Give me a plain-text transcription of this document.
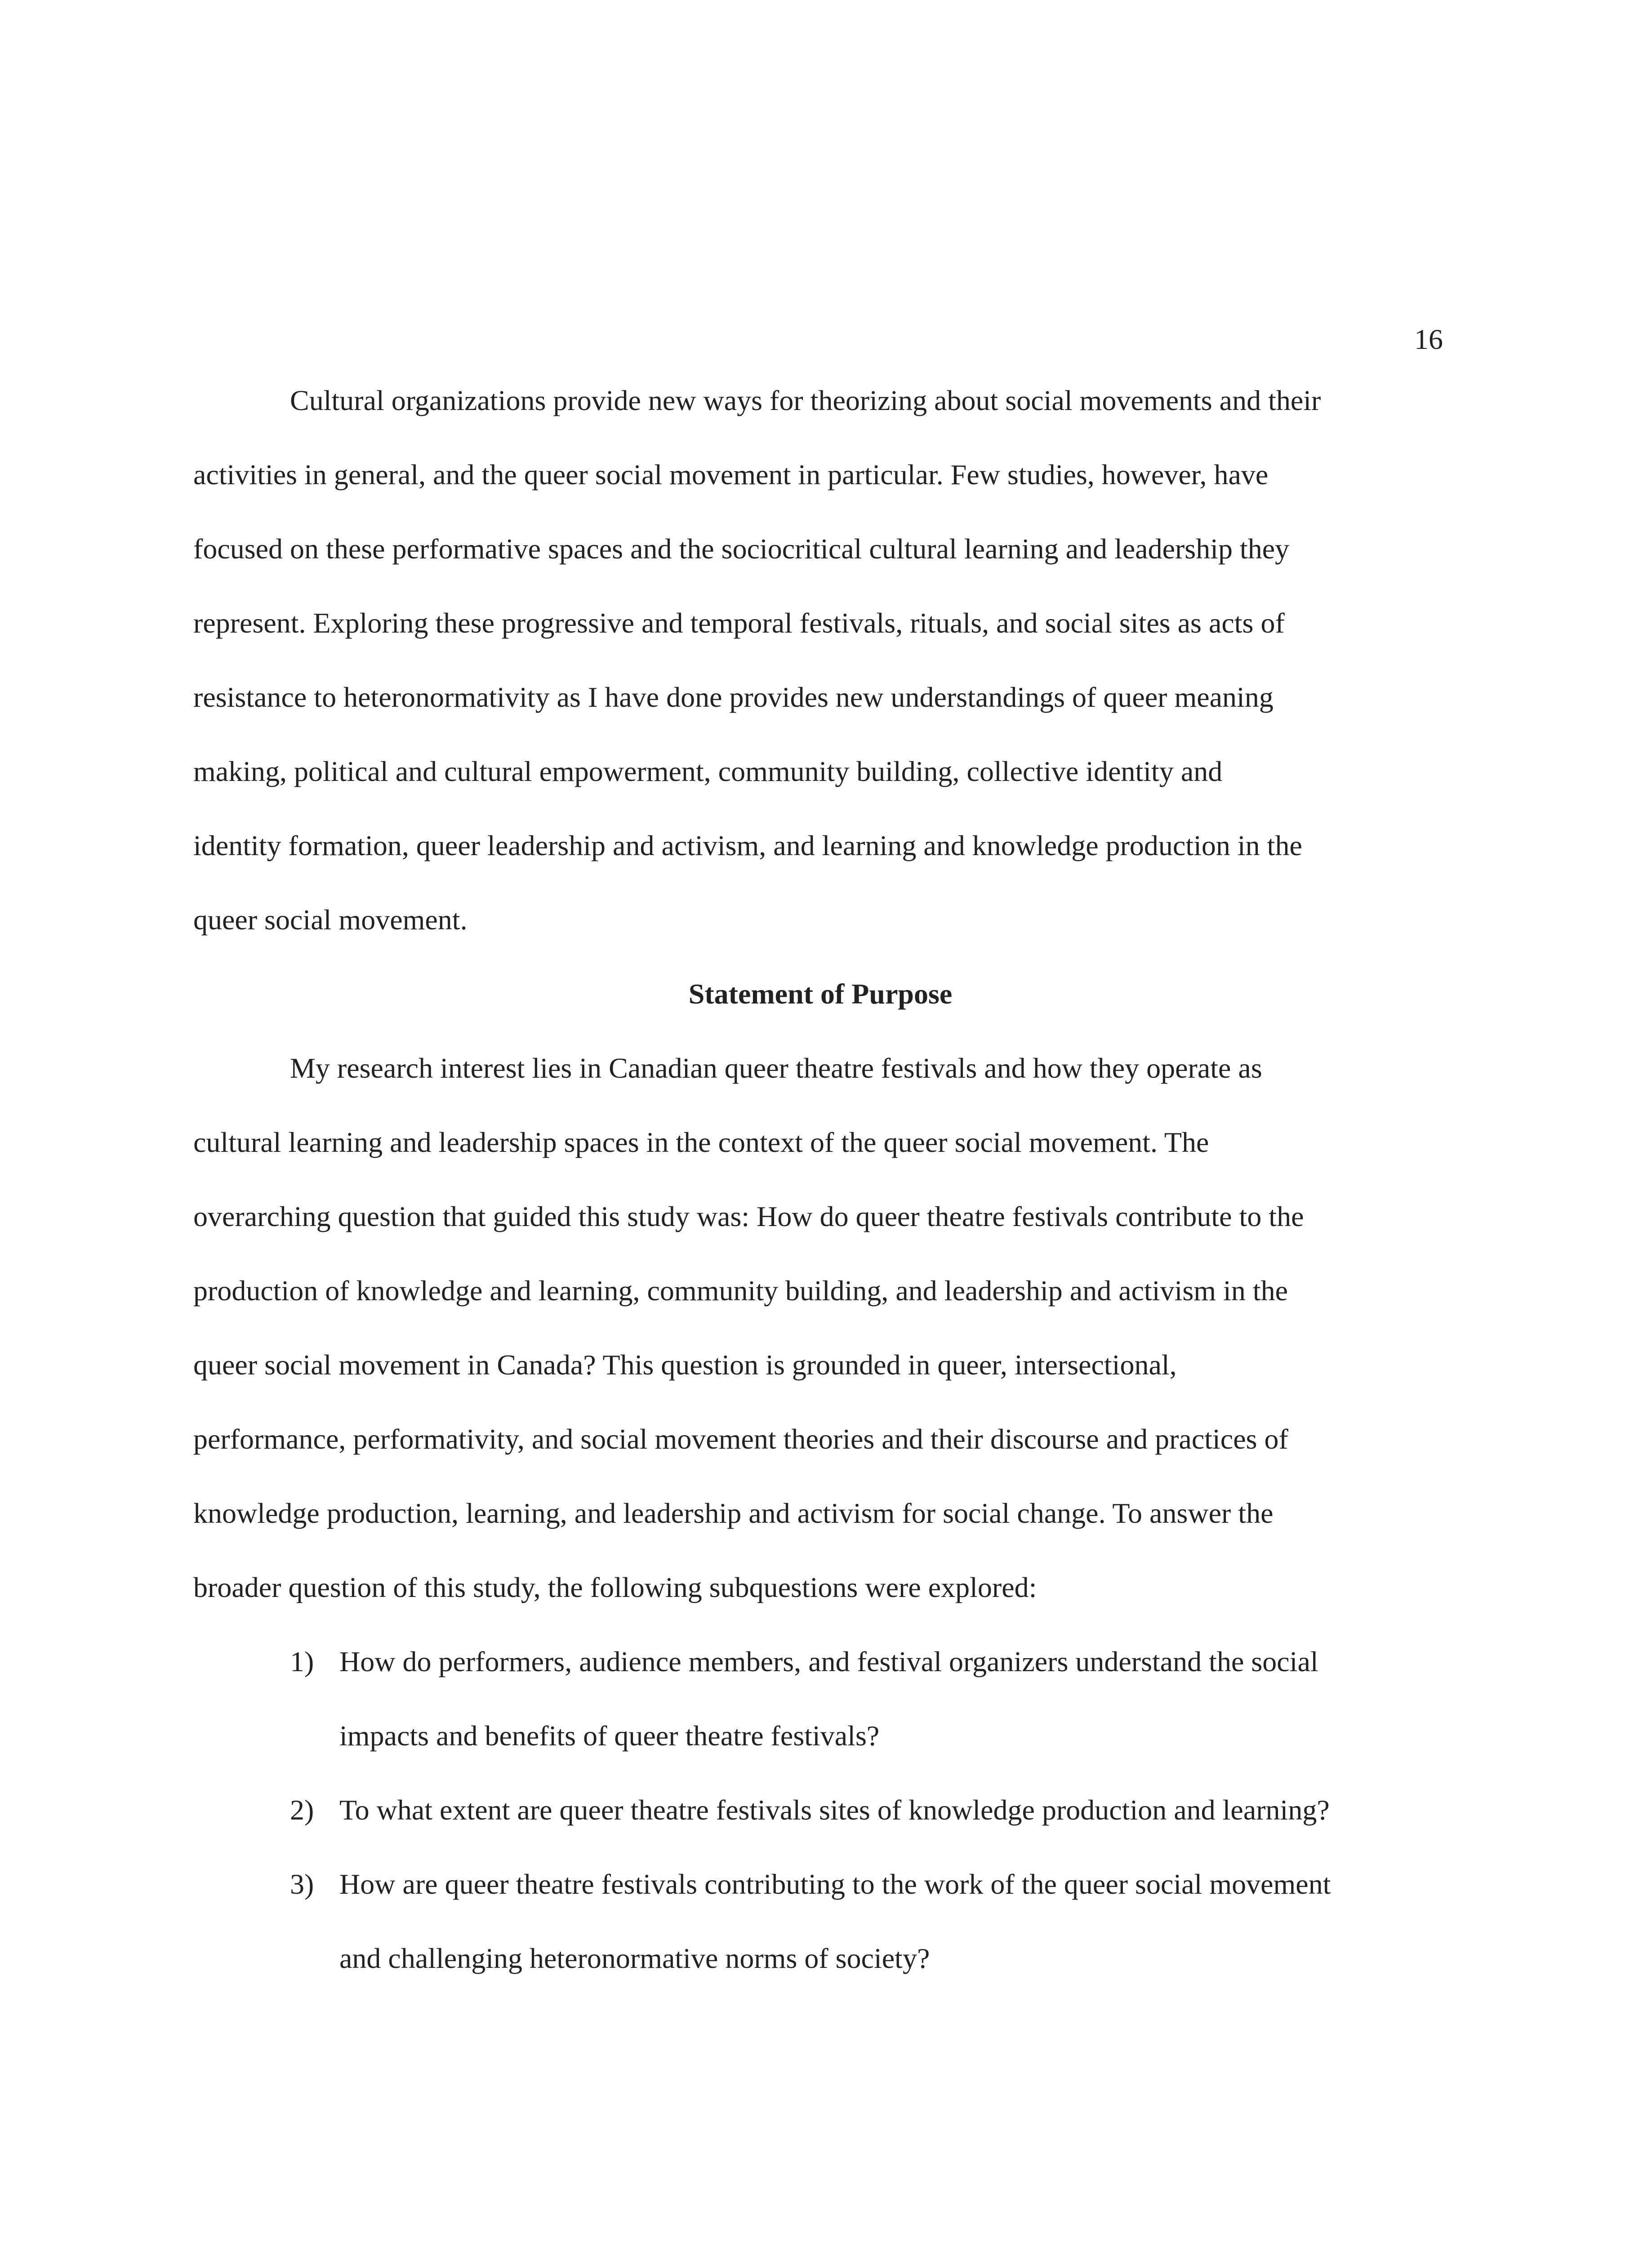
16
Cultural organizations provide new ways for theorizing about social movements and their
activities in general, and the queer social movement in particular. Few studies, however, have
focused on these performative spaces and the sociocritical cultural learning and leadership they
represent. Exploring these progressive and temporal festivals, rituals, and social sites as acts of
resistance to heteronormativity as I have done provides new understandings of queer meaning
making, political and cultural empowerment, community building, collective identity and
identity formation, queer leadership and activism, and learning and knowledge production in the
queer social movement.
Statement of Purpose
My research interest lies in Canadian queer theatre festivals and how they operate as
cultural learning and leadership spaces in the context of the queer social movement. The
overarching question that guided this study was: How do queer theatre festivals contribute to the
production of knowledge and learning, community building, and leadership and activism in the
queer social movement in Canada? This question is grounded in queer, intersectional,
performance, performativity, and social movement theories and their discourse and practices of
knowledge production, learning, and leadership and activism for social change. To answer the
broader question of this study, the following subquestions were explored:
1) How do performers, audience members, and festival organizers understand the social
impacts and benefits of queer theatre festivals?
2) To what extent are queer theatre festivals sites of knowledge production and learning?
3) How are queer theatre festivals contributing to the work of the queer social movement
and challenging heteronormative norms of society?
